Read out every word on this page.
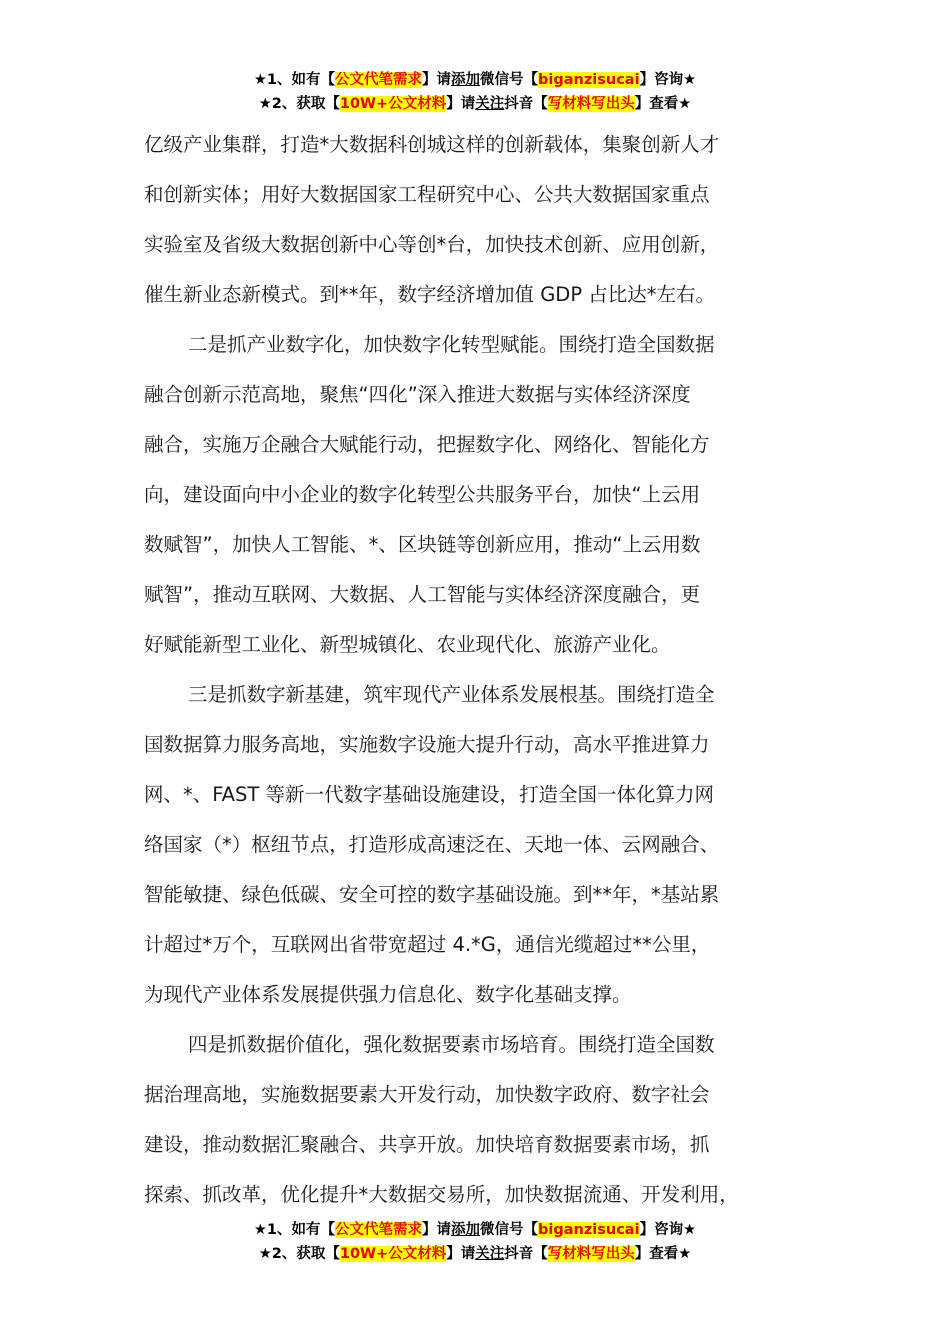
★1、如有【公文代笔需求】请添加微信号【biganzisucai】咨询★
★2、获取【10W+公文材料】请关注抖音【写材料写出头】查看★
亿级产业集群，打造*大数据科创城这样的创新载体，集聚创新人才
和创新实体；用好大数据国家工程研究中心、公共大数据国家重点
实验室及省级大数据创新中心等创*台，加快技术创新、应用创新，
催生新业态新模式。到**年，数字经济增加值 GDP 占比达*左右。
二是抓产业数字化，加快数字化转型赋能。围绕打造全国数据
融合创新示范高地，聚焦“四化”深入推进大数据与实体经济深度
融合，实施万企融合大赋能行动，把握数字化、网络化、智能化方
向，建设面向中小企业的数字化转型公共服务平台，加快“上云用
数赋智”，加快人工智能、*、区块链等创新应用，推动“上云用数
赋智”，推动互联网、大数据、人工智能与实体经济深度融合，更
好赋能新型工业化、新型城镇化、农业现代化、旅游产业化。
三是抓数字新基建，筑牢现代产业体系发展根基。围绕打造全
国数据算力服务高地，实施数字设施大提升行动，高水平推进算力
网、*、FAST 等新一代数字基础设施建设，打造全国一体化算力网
络国家（*）枢纽节点，打造形成高速泛在、天地一体、云网融合、
智能敏捷、绿色低碳、安全可控的数字基础设施。到**年，*基站累
计超过*万个，互联网出省带宽超过 4.*G，通信光缆超过**公里，
为现代产业体系发展提供强力信息化、数字化基础支撑。
四是抓数据价值化，强化数据要素市场培育。围绕打造全国数
据治理高地，实施数据要素大开发行动，加快数字政府、数字社会
建设，推动数据汇聚融合、共享开放。加快培育数据要素市场，抓
探索、抓改革，优化提升*大数据交易所，加快数据流通、开发利用，
★1、如有【公文代笔需求】请添加微信号【biganzisucai】咨询★
★2、获取【10W+公文材料】请关注抖音【写材料写出头】查看★
